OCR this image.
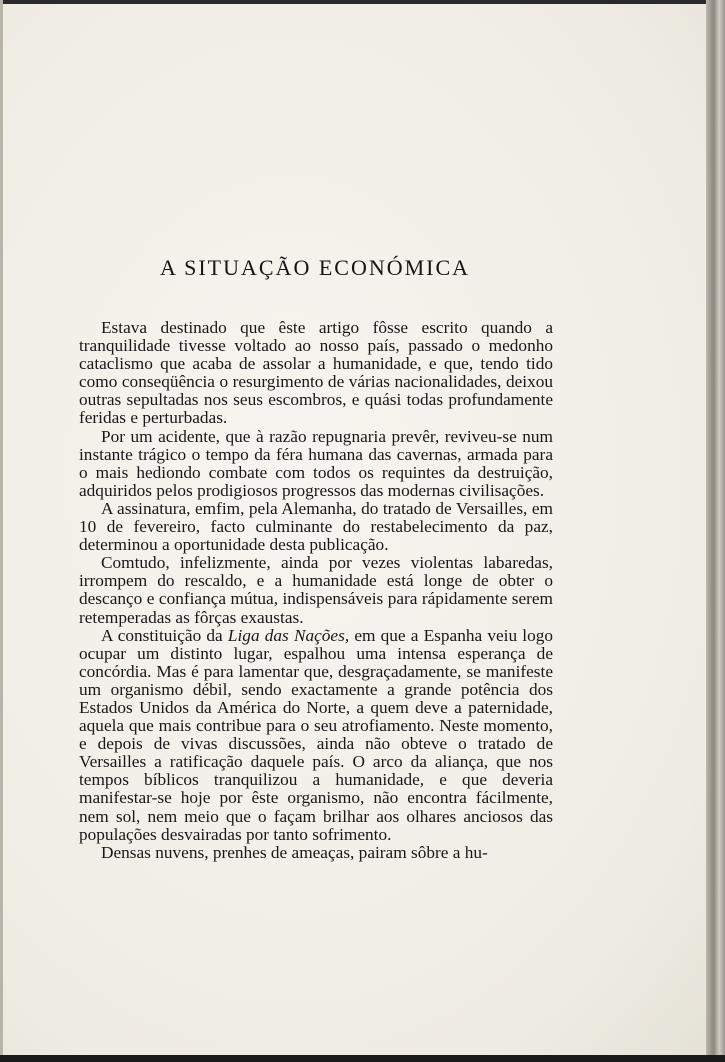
A SITUAÇÃO ECONÓMICA

Estava destinado que êste artigo fôsse escrito quando a tranquilidade tivesse voltado ao nosso país, passado o medonho cataclismo que acaba de assolar a humanidade, e que, tendo tido como conseqüência o resurgimento de várias nacionalidades, deixou outras sepultadas nos seus escombros, e quási todas profundamente feridas e perturbadas.

Por um acidente, que à razão repugnaria prevêr, reviveu-se num instante trágico o tempo da féra humana das cavernas, armada para o mais hediondo combate com todos os requintes da destruição, adquiridos pelos prodigiosos progressos das modernas civilisações.

A assinatura, emfim, pela Alemanha, do tratado de Versailles, em 10 de fevereiro, facto culminante do restabelecimento da paz, determinou a oportunidade desta publicação.

Comtudo, infelizmente, ainda por vezes violentas labaredas, irrompem do rescaldo, e a humanidade está longe de obter o descanço e confiança mútua, indispensáveis para rápidamente serem retemperadas as fôrças exaustas.

A constituição da Liga das Nações, em que a Espanha veiu logo ocupar um distinto lugar, espalhou uma intensa esperança de concórdia. Mas é para lamentar que, desgraçadamente, se manifeste um organismo débil, sendo exactamente a grande potência dos Estados Unidos da América do Norte, a quem deve a paternidade, aquela que mais contribue para o seu atrofiamento. Neste momento, e depois de vivas discussões, ainda não obteve o tratado de Versailles a ratificação daquele país. O arco da aliança, que nos tempos bíblicos tranquilizou a humanidade, e que deveria manifestar-se hoje por êste organismo, não encontra fácilmente, nem sol, nem meio que o façam brilhar aos olhares anciosos das populações desvairadas por tanto sofrimento.

Densas nuvens, prenhes de ameaças, pairam sôbre a hu-
